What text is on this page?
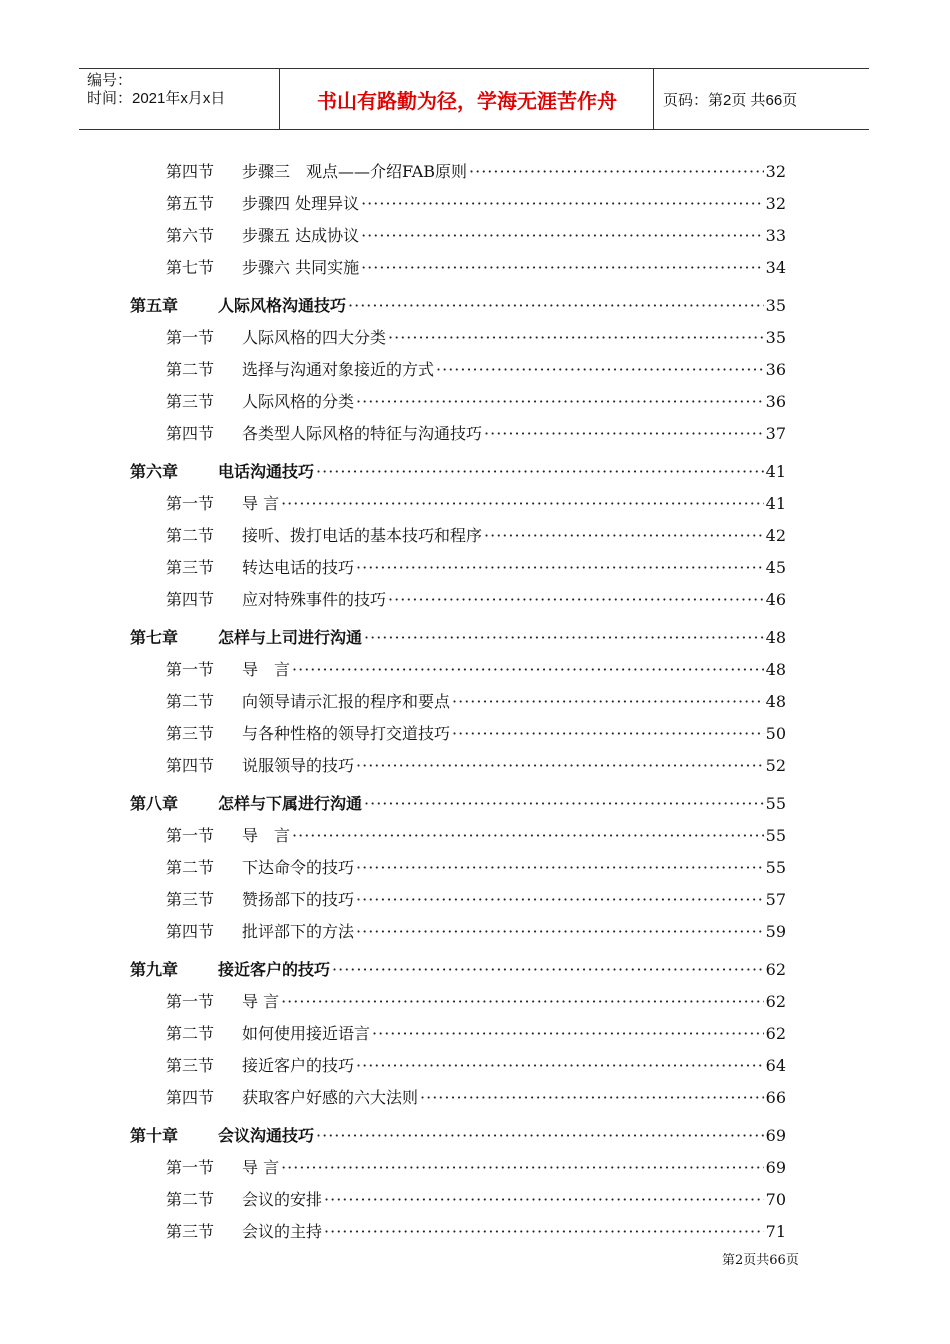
编号：
时间：2021年x月x日	书山有路勤为径，学海无涯苦作舟	页码：第2页 共66页
第四节	步骤三　观点——介绍FAB原则 ·····	32
第五节	步骤四 处理异议 ·····	32
第六节	步骤五 达成协议 ·····	33
第七节	步骤六 共同实施 ·····	34
第五章	人际风格沟通技巧 ·····	35
第一节	人际风格的四大分类 ·····	35
第二节	选择与沟通对象接近的方式 ·····	36
第三节	人际风格的分类 ·····	36
第四节	各类型人际风格的特征与沟通技巧 ·····	37
第六章	电话沟通技巧 ·····	41
第一节	导 言 ·····	41
第二节	接听、拨打电话的基本技巧和程序 ·····	42
第三节	转达电话的技巧 ·····	45
第四节	应对特殊事件的技巧 ·····	46
第七章	怎样与上司进行沟通 ·····	48
第一节	导　言 ·····	48
第二节	向领导请示汇报的程序和要点 ·····	48
第三节	与各种性格的领导打交道技巧 ·····	50
第四节	说服领导的技巧 ·····	52
第八章	怎样与下属进行沟通 ·····	55
第一节	导　言 ·····	55
第二节	下达命令的技巧 ·····	55
第三节	赞扬部下的技巧 ·····	57
第四节	批评部下的方法 ·····	59
第九章	接近客户的技巧 ·····	62
第一节	导 言 ·····	62
第二节	如何使用接近语言 ·····	62
第三节	接近客户的技巧 ·····	64
第四节	获取客户好感的六大法则 ·····	66
第十章	会议沟通技巧 ·····	69
第一节	导 言 ·····	69
第二节	会议的安排 ·····	70
第三节	会议的主持 ·····	71
第2页共66页
